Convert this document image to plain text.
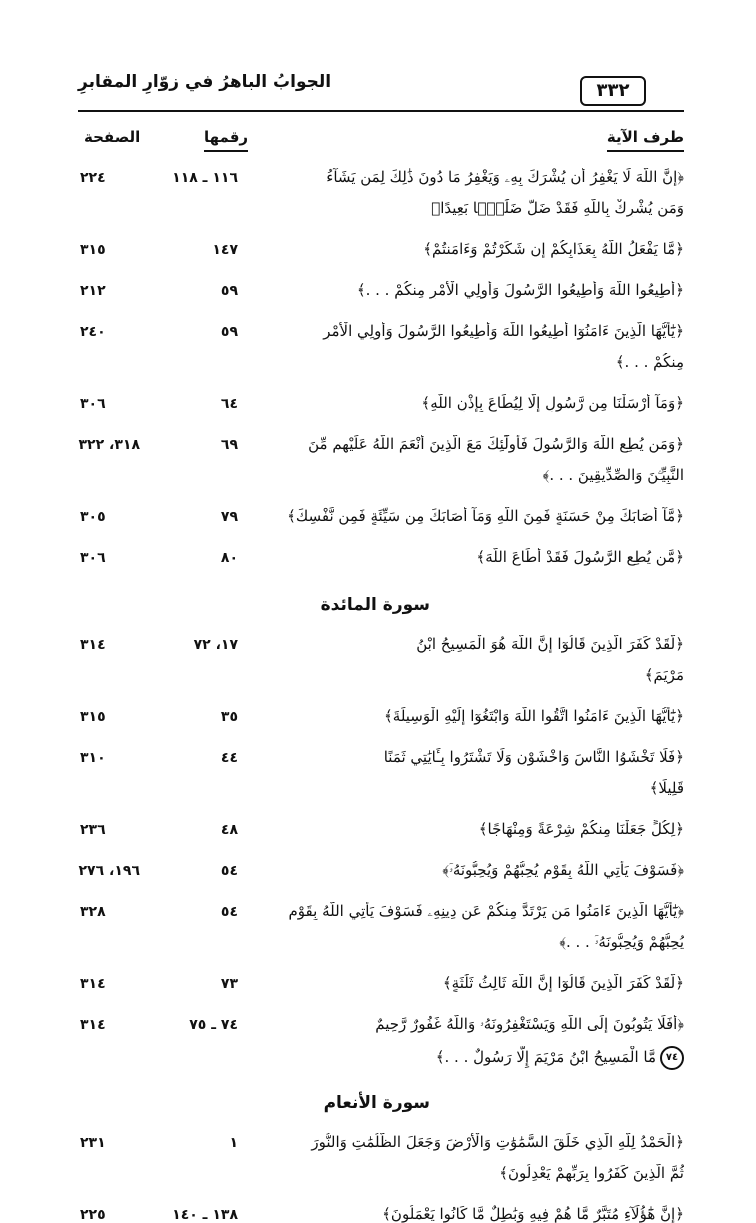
الجوابُ الباهرُ في زوّارِ المقابرِ	٣٣٢
طرف الآية
رقمها
الصفحة
﴿إِنَّ اللَّهَ لَا يَغْفِرُ أَن يُشْرَكَ بِهِۦ وَيَغْفِرُ مَا دُونَ ذَٰلِكَ لِمَن يَشَآءُ
وَمَن يُشْرِكْ بِاللَّهِ فَقَدْ ضَلَّ ضَلَٰلًۢا بَعِيدًا﴾
١١٦ ـ ١١٨
٢٢٤
﴿مَّا يَفْعَلُ اللَّهُ بِعَذَابِكُمْ إِن شَكَرْتُمْ وَءَامَنتُمْ﴾
١٤٧
٣١٥
﴿أَطِيعُوا اللَّهَ وَأَطِيعُوا الرَّسُولَ وَأُولِي الْأَمْرِ مِنكُمْ . . .﴾
٥٩
٢١٢
﴿يَٰٓأَيُّهَا الَّذِينَ ءَامَنُوٓا أَطِيعُوا اللَّهَ وَأَطِيعُوا الرَّسُولَ وَأُولِي الْأَمْرِ
مِنكُمْ . . .﴾
٥٩
٢٤٠
﴿وَمَآ أَرْسَلْنَا مِن رَّسُولٍ إِلَّا لِيُطَاعَ بِإِذْنِ اللَّهِ﴾
٦٤
٣٠٦
﴿وَمَن يُطِعِ اللَّهَ وَالرَّسُولَ فَأُولَٰٓئِكَ مَعَ الَّذِينَ أَنْعَمَ اللَّهُ عَلَيْهِم مِّنَ
النَّبِيِّـۧنَ وَالصِّدِّيقِينَ . . .﴾
٦٩
٣١٨، ٣٢٢
﴿مَّآ أَصَابَكَ مِنْ حَسَنَةٍ فَمِنَ اللَّهِ وَمَآ أَصَابَكَ مِن سَيِّئَةٍ فَمِن نَّفْسِكَ﴾
٧٩
٣٠٥
﴿مَّن يُطِعِ الرَّسُولَ فَقَدْ أَطَاعَ اللَّهَ﴾
٨٠
٣٠٦
سورة المائدة
﴿لَّقَدْ كَفَرَ الَّذِينَ قَالُوٓا إِنَّ اللَّهَ هُوَ الْمَسِيحُ ابْنُ
مَرْيَمَ﴾
١٧، ٧٢
٣١٤
﴿يَٰٓأَيُّهَا الَّذِينَ ءَامَنُوا اتَّقُوا اللَّهَ وَابْتَغُوٓا إِلَيْهِ الْوَسِيلَةَ﴾
٣٥
٣١٥
﴿فَلَا تَخْشَوُا النَّاسَ وَاخْشَوْنِ وَلَا تَشْتَرُوا بِـَٔايَٰتِي ثَمَنًا
قَلِيلًا﴾
٤٤
٣١٠
﴿لِكُلٍّ جَعَلْنَا مِنكُمْ شِرْعَةً وَمِنْهَاجًا﴾
٤٨
٢٣٦
﴿فَسَوْفَ يَأْتِي اللَّهُ بِقَوْمٍ يُحِبُّهُمْ وَيُحِبُّونَهُۥٓ﴾
٥٤
١٩٦، ٢٧٦
﴿يَٰٓأَيُّهَا الَّذِينَ ءَامَنُوا مَن يَرْتَدَّ مِنكُمْ عَن دِينِهِۦ فَسَوْفَ يَأْتِي اللَّهُ بِقَوْمٍ
يُحِبُّهُمْ وَيُحِبُّونَهُۥٓ . . .﴾
٥٤
٣٢٨
﴿لَّقَدْ كَفَرَ الَّذِينَ قَالُوٓا إِنَّ اللَّهَ ثَالِثُ ثَلَٰثَةٍ﴾
٧٣
٣١٤
﴿أَفَلَا يَتُوبُونَ إِلَى اللَّهِ وَيَسْتَغْفِرُونَهُۥ وَاللَّهُ غَفُورٌ رَّحِيمٌ
٧٤مَّا الْمَسِيحُ ابْنُ مَرْيَمَ إِلَّا رَسُولٌ . . .﴾
٧٤ ـ ٧٥
٣١٤
سورة الأنعام
﴿الْحَمْدُ لِلَّهِ الَّذِي خَلَقَ السَّمَٰوَٰتِ وَالْأَرْضَ وَجَعَلَ الظُّلُمَٰتِ وَالنُّورَ
ثُمَّ الَّذِينَ كَفَرُوا بِرَبِّهِمْ يَعْدِلُونَ﴾
١
٢٣١
﴿إِنَّ هَٰٓؤُلَآءِ مُتَبَّرٌ مَّا هُمْ فِيهِ وَبَٰطِلٌ مَّا كَانُوا يَعْمَلُونَ﴾
١٣٨ ـ ١٤٠
٢٢٥
